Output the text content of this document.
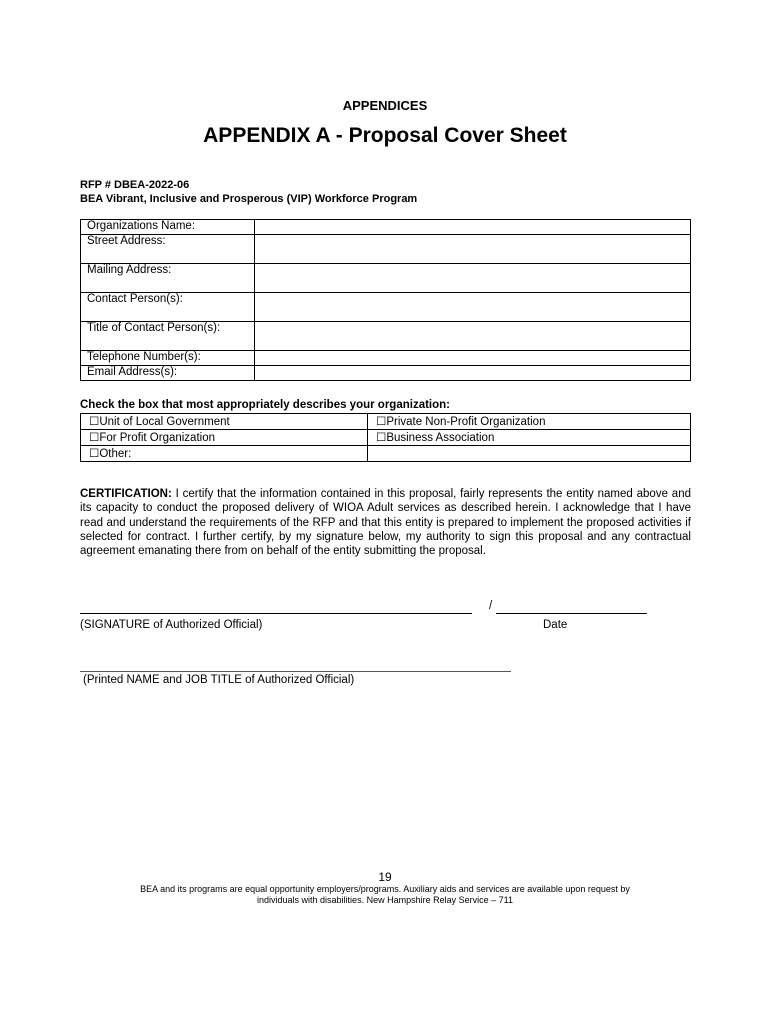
APPENDICES
APPENDIX A - Proposal Cover Sheet
RFP # DBEA-2022-06
BEA Vibrant, Inclusive and Prosperous (VIP) Workforce Program
Organizations Name:	
Street Address:	
Mailing Address:	
Contact Person(s):	
Title of Contact Person(s):	
Telephone Number(s):	
Email Address(s):	
Check the box that most appropriately describes your organization:
☐Unit of Local Government	☐Private Non-Profit Organization
☐For Profit Organization	☐Business Association
☐Other:	
CERTIFICATION: I certify that the information contained in this proposal, fairly represents the entity named above and its capacity to conduct the proposed delivery of WIOA Adult services as described herein. I acknowledge that I have read and understand the requirements of the RFP and that this entity is prepared to implement the proposed activities if selected for contract. I further certify, by my signature below, my authority to sign this proposal and any contractual agreement emanating there from on behalf of the entity submitting the proposal.
/
(SIGNATURE of Authorized Official)	Date
(Printed NAME and JOB TITLE of Authorized Official)
19
BEA and its programs are equal opportunity employers/programs. Auxiliary aids and services are available upon request by
individuals with disabilities. New Hampshire Relay Service – 711
